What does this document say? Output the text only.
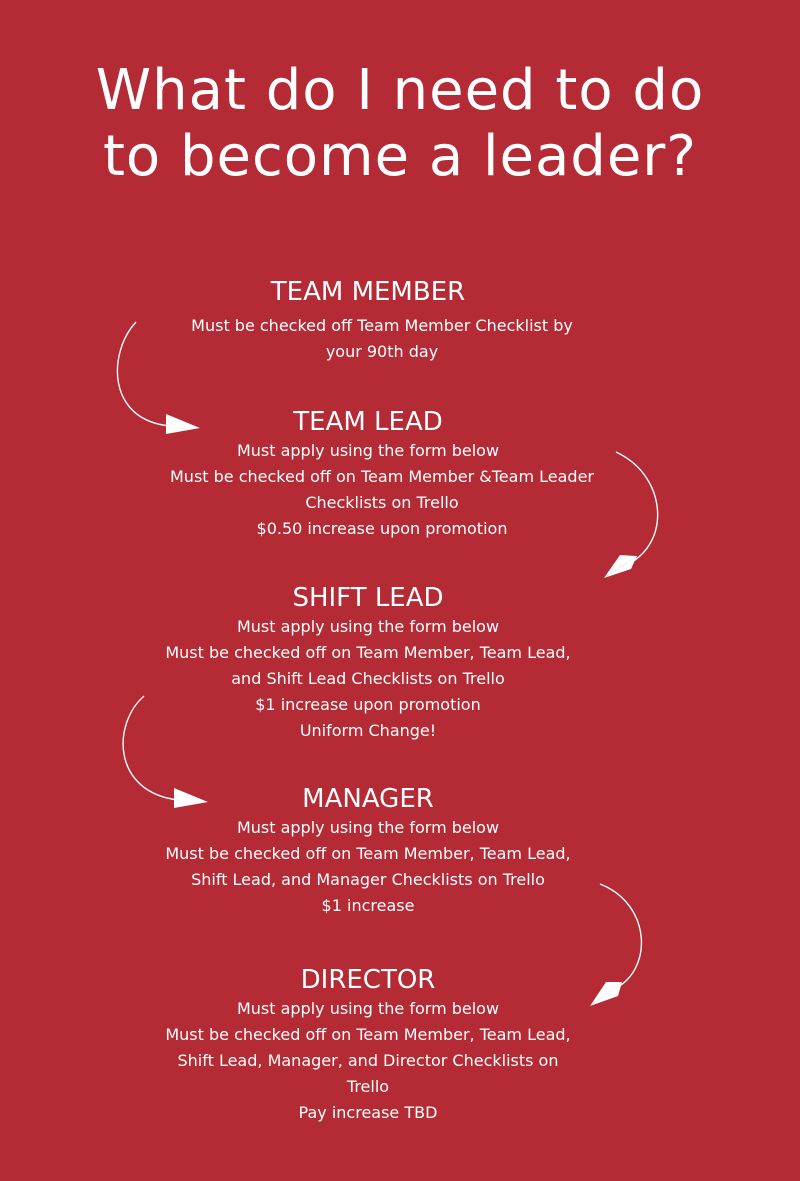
What do I need to do
to become a leader?
TEAM MEMBER

Must be checked off Team Member Checklist by

your 90th day

TEAM LEAD

Must apply using the form below

Must be checked off on Team Member &Team Leader

Checklists on Trello

$0.50 increase upon promotion

SHIFT LEAD

Must apply using the form below

Must be checked off on Team Member, Team Lead,

and Shift Lead Checklists on Trello

$1 increase upon promotion

Uniform Change!

MANAGER

Must apply using the form below

Must be checked off on Team Member, Team Lead,

Shift Lead, and Manager Checklists on Trello

$1 increase

DIRECTOR

Must apply using the form below

Must be checked off on Team Member, Team Lead,

Shift Lead, Manager, and Director Checklists on

Trello

Pay increase TBD
